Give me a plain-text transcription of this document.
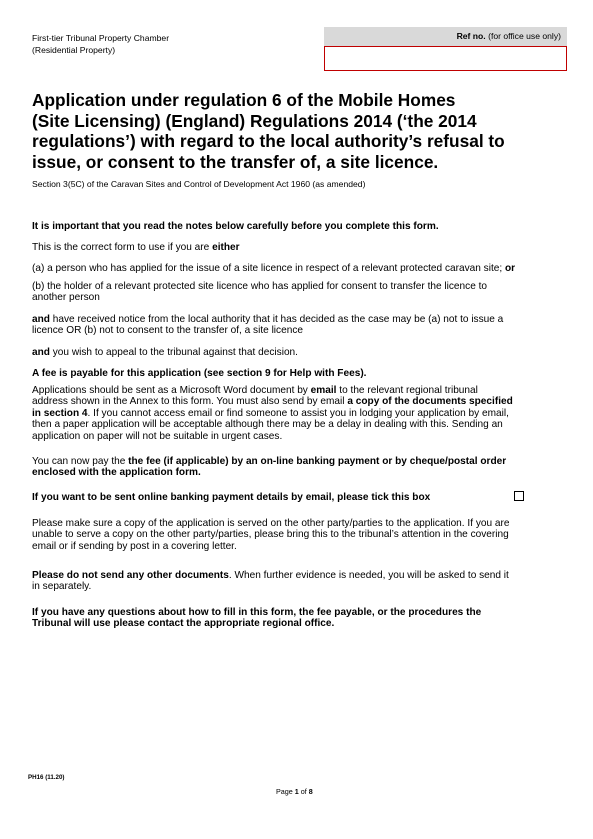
First-tier Tribunal Property Chamber
(Residential Property)
Ref no. (for office use only)
Application under regulation 6 of the Mobile Homes
(Site Licensing) (England) Regulations 2014 (‘the 2014
regulations’) with regard to the local authority’s refusal to
issue, or consent to the transfer of, a site licence.
Section 3(5C) of the Caravan Sites and Control of Development Act 1960 (as amended)

It is important that you read the notes below carefully before you complete this form.

This is the correct form to use if you are either

(a) a person who has applied for the issue of a site licence in respect of a relevant protected caravan site; or

(b) the holder of a relevant protected site licence who has applied for consent to transfer the licence to
another person

and have received notice from the local authority that it has decided as the case may be (a) not to issue a
licence OR (b) not to consent to the transfer of, a site licence

and you wish to appeal to the tribunal against that decision.

A fee is payable for this application (see section 9 for Help with Fees).

Applications should be sent as a Microsoft Word document by email to the relevant regional tribunal
address shown in the Annex to this form. You must also send by email a copy of the documents specified
in section 4. If you cannot access email or find someone to assist you in lodging your application by email,
then a paper application will be acceptable although there may be a delay in dealing with this. Sending an
application on paper will not be suitable in urgent cases.

You can now pay the the fee (if applicable) by an on-line banking payment or by cheque/postal order
enclosed with the application form.

If you want to be sent online banking payment details by email, please tick this box

Please make sure a copy of the application is served on the other party/parties to the application. If you are
unable to serve a copy on the other party/parties, please bring this to the tribunal’s attention in the covering
email or if sending by post in a covering letter.

Please do not send any other documents. When further evidence is needed, you will be asked to send it
in separately.

If you have any questions about how to fill in this form, the fee payable, or the procedures the
Tribunal will use please contact the appropriate regional office.

PH16 (11.20)
Page 1 of 8
